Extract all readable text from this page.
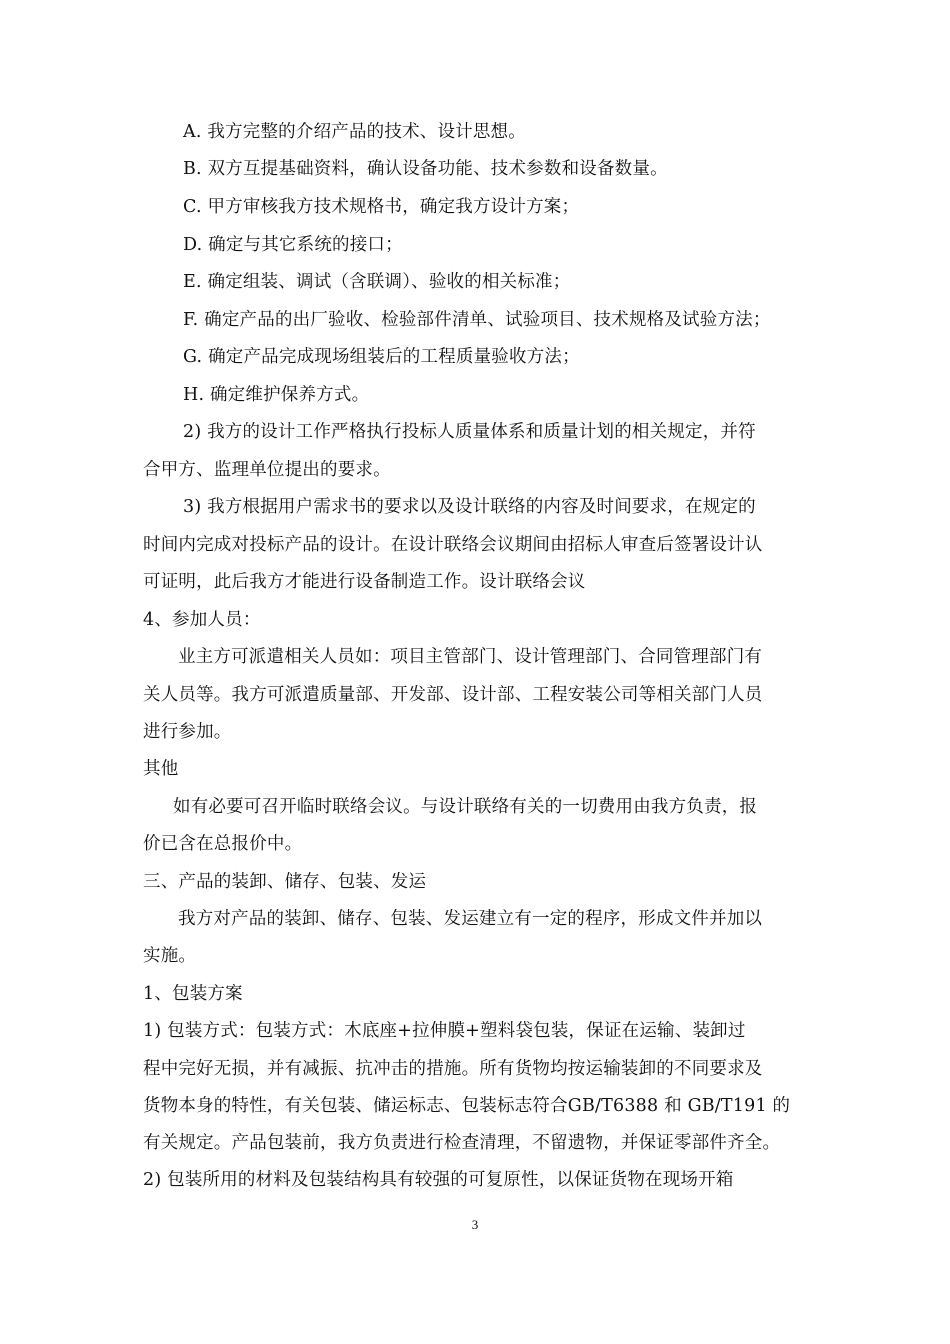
A. 我方完整的介绍产品的技术、设计思想。
B. 双方互提基础资料，确认设备功能、技术参数和设备数量。
C. 甲方审核我方技术规格书，确定我方设计方案；
D. 确定与其它系统的接口；
E. 确定组装、调试（含联调）、验收的相关标准；
F. 确定产品的出厂验收、检验部件清单、试验项目、技术规格及试验方法；
G. 确定产品完成现场组装后的工程质量验收方法；
H. 确定维护保养方式。
2) 我方的设计工作严格执行投标人质量体系和质量计划的相关规定，并符
合甲方、监理单位提出的要求。
3) 我方根据用户需求书的要求以及设计联络的内容及时间要求，在规定的
时间内完成对投标产品的设计。在设计联络会议期间由招标人审查后签署设计认
可证明，此后我方才能进行设备制造工作。设计联络会议
4、参加人员：
业主方可派遣相关人员如：项目主管部门、设计管理部门、合同管理部门有
关人员等。我方可派遣质量部、开发部、设计部、工程安装公司等相关部门人员
进行参加。
其他
如有必要可召开临时联络会议。与设计联络有关的一切费用由我方负责，报
价已含在总报价中。
三、产品的装卸、储存、包装、发运
我方对产品的装卸、储存、包装、发运建立有一定的程序，形成文件并加以
实施。
1、包装方案
1) 包装方式：包装方式：木底座+拉伸膜+塑料袋包装，保证在运输、装卸过
程中完好无损，并有减振、抗冲击的措施。所有货物均按运输装卸的不同要求及
货物本身的特性，有关包装、储运标志、包装标志符合GB/T6388 和 GB/T191 的
有关规定。产品包装前，我方负责进行检查清理，不留遗物，并保证零部件齐全。
2) 包装所用的材料及包装结构具有较强的可复原性，以保证货物在现场开箱
3
